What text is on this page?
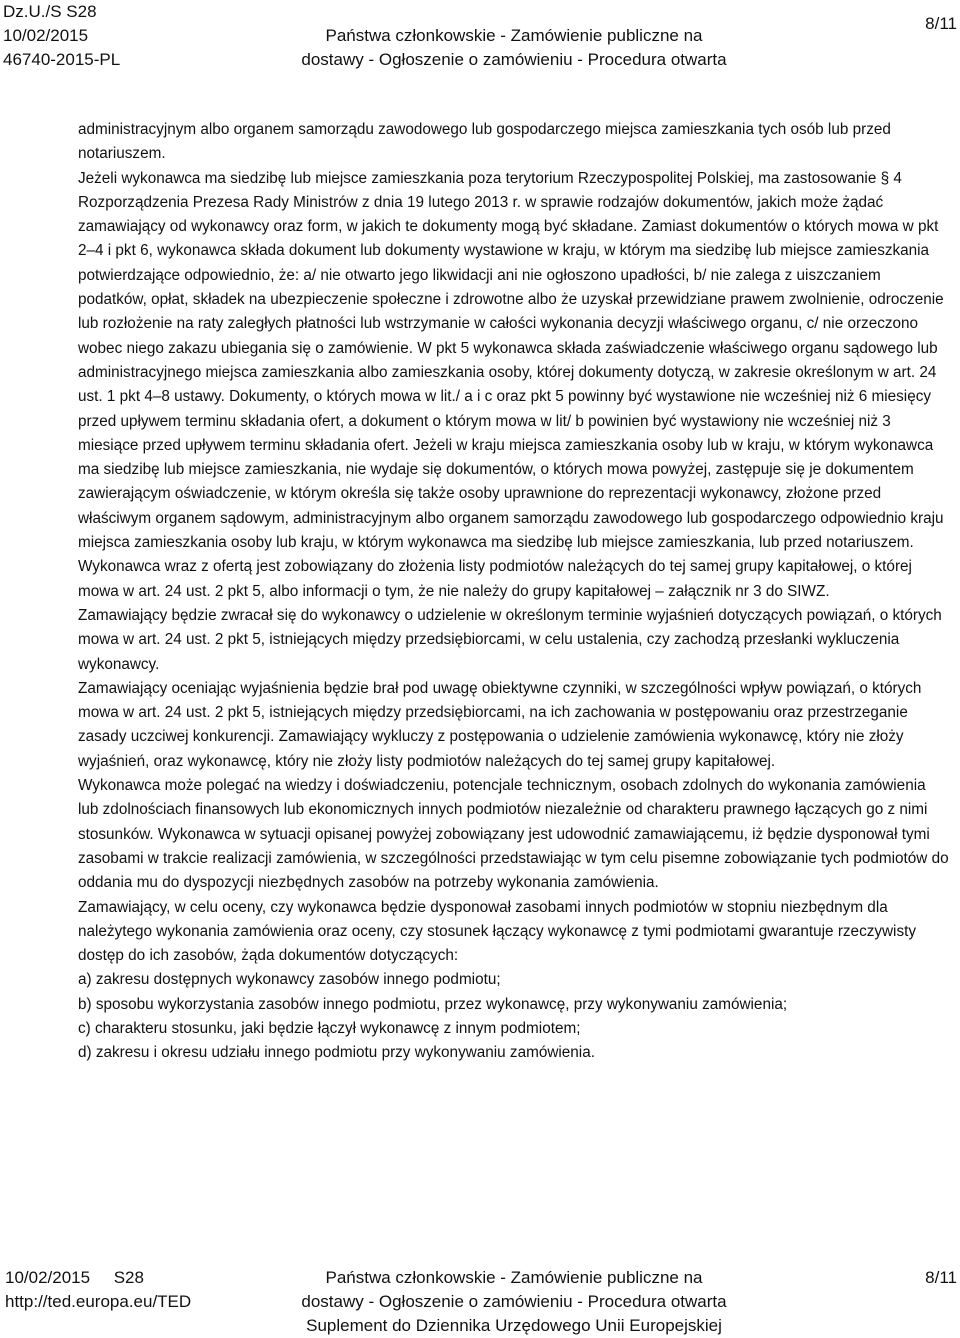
Dz.U./S S28
10/02/2015
46740-2015-PL
Państwa członkowskie - Zamówienie publiczne na
dostawy - Ogłoszenie o zamówieniu - Procedura otwarta
8/11

administracyjnym albo organem samorządu zawodowego lub gospodarczego miejsca zamieszkania tych osób lub przed notariuszem.

Jeżeli wykonawca ma siedzibę lub miejsce zamieszkania poza terytorium Rzeczypospolitej Polskiej, ma zastosowanie § 4 Rozporządzenia Prezesa Rady Ministrów z dnia 19 lutego 2013 r. w sprawie rodzajów dokumentów, jakich może żądać zamawiający od wykonawcy oraz form, w jakich te dokumenty mogą być składane. Zamiast dokumentów o których mowa w pkt 2–4 i pkt 6, wykonawca składa dokument lub dokumenty wystawione w kraju, w którym ma siedzibę lub miejsce zamieszkania potwierdzające odpowiednio, że: a/ nie otwarto jego likwidacji ani nie ogłoszono upadłości, b/ nie zalega z uiszczaniem podatków, opłat, składek na ubezpieczenie społeczne i zdrowotne albo że uzyskał przewidziane prawem zwolnienie, odroczenie lub rozłożenie na raty zaległych płatności lub wstrzymanie w całości wykonania decyzji właściwego organu, c/ nie orzeczono wobec niego zakazu ubiegania się o zamówienie. W pkt 5 wykonawca składa zaświadczenie właściwego organu sądowego lub administracyjnego miejsca zamieszkania albo zamieszkania osoby, której dokumenty dotyczą, w zakresie określonym w art. 24 ust. 1 pkt 4–8 ustawy. Dokumenty, o których mowa w lit./ a i c oraz pkt 5 powinny być wystawione nie wcześniej niż 6 miesięcy przed upływem terminu składania ofert, a dokument o którym mowa w lit/ b powinien być wystawiony nie wcześniej niż 3 miesiące przed upływem terminu składania ofert. Jeżeli w kraju miejsca zamieszkania osoby lub w kraju, w którym wykonawca ma siedzibę lub miejsce zamieszkania, nie wydaje się dokumentów, o których mowa powyżej, zastępuje się je dokumentem zawierającym oświadczenie, w którym określa się także osoby uprawnione do reprezentacji wykonawcy, złożone przed właściwym organem sądowym, administracyjnym albo organem samorządu zawodowego lub gospodarczego odpowiednio kraju miejsca zamieszkania osoby lub kraju, w którym wykonawca ma siedzibę lub miejsce zamieszkania, lub przed notariuszem.

Wykonawca wraz z ofertą jest zobowiązany do złożenia listy podmiotów należących do tej samej grupy kapitałowej, o której mowa w art. 24 ust. 2 pkt 5, albo informacji o tym, że nie należy do grupy kapitałowej – załącznik nr 3 do SIWZ.

Zamawiający będzie zwracał się do wykonawcy o udzielenie w określonym terminie wyjaśnień dotyczących powiązań, o których mowa w art. 24 ust. 2 pkt 5, istniejących między przedsiębiorcami, w celu ustalenia, czy zachodzą przesłanki wykluczenia wykonawcy.

Zamawiający oceniając wyjaśnienia będzie brał pod uwagę obiektywne czynniki, w szczególności wpływ powiązań, o których mowa w art. 24 ust. 2 pkt 5, istniejących między przedsiębiorcami, na ich zachowania w postępowaniu oraz przestrzeganie zasady uczciwej konkurencji. Zamawiający wykluczy z postępowania o udzielenie zamówienia wykonawcę, który nie złoży wyjaśnień, oraz wykonawcę, który nie złoży listy podmiotów należących do tej samej grupy kapitałowej.

Wykonawca może polegać na wiedzy i doświadczeniu, potencjale technicznym, osobach zdolnych do wykonania zamówienia lub zdolnościach finansowych lub ekonomicznych innych podmiotów niezależnie od charakteru prawnego łączących go z nimi stosunków. Wykonawca w sytuacji opisanej powyżej zobowiązany jest udowodnić zamawiającemu, iż będzie dysponował tymi zasobami w trakcie realizacji zamówienia, w szczególności przedstawiając w tym celu pisemne zobowiązanie tych podmiotów do oddania mu do dyspozycji niezbędnych zasobów na potrzeby wykonania zamówienia.

Zamawiający, w celu oceny, czy wykonawca będzie dysponował zasobami innych podmiotów w stopniu niezbędnym dla należytego wykonania zamówienia oraz oceny, czy stosunek łączący wykonawcę z tymi podmiotami gwarantuje rzeczywisty dostęp do ich zasobów, żąda dokumentów dotyczących:

a) zakresu dostępnych wykonawcy zasobów innego podmiotu;

b) sposobu wykorzystania zasobów innego podmiotu, przez wykonawcę, przy wykonywaniu zamówienia;

c) charakteru stosunku, jaki będzie łączył wykonawcę z innym podmiotem;

d) zakresu i okresu udziału innego podmiotu przy wykonywaniu zamówienia.

10/02/2015 S28
http://ted.europa.eu/TED
Państwa członkowskie - Zamówienie publiczne na
dostawy - Ogłoszenie o zamówieniu - Procedura otwarta
Suplement do Dziennika Urzędowego Unii Europejskiej
8/11
